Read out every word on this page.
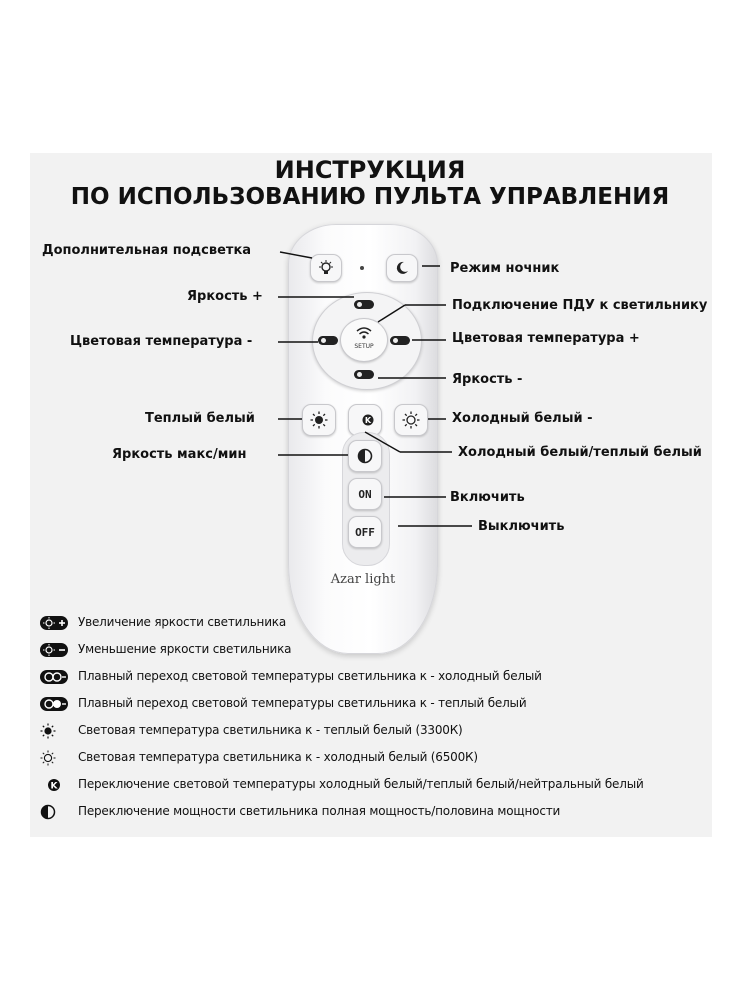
ИНСТРУКЦИЯ
ПО ИСПОЛЬЗОВАНИЮ ПУЛЬТА УПРАВЛЕНИЯ
SETUP
K
ON
OFF
Azar light
Дополнительная подсветка
Режим ночник
Яркость +
Подключение ПДУ к светильнику
Цветовая температура -	Цветовая температура +
Яркость -
Теплый белый	Холодный белый -
Холодный белый/теплый белый
Яркость макс/мин
Включить
Выключить
Увеличение яркости светильника
Уменьшение яркости светильника
Плавный переход световой температуры светильника к - холодный белый
Плавный переход световой температуры светильника к - теплый белый
Световая температура светильника к - теплый белый (3300К)
Световая температура светильника к - холодный белый (6500К)
K Переключение световой температуры холодный белый/теплый белый/нейтральный белый
Переключение мощности светильника полная мощность/половина мощности
